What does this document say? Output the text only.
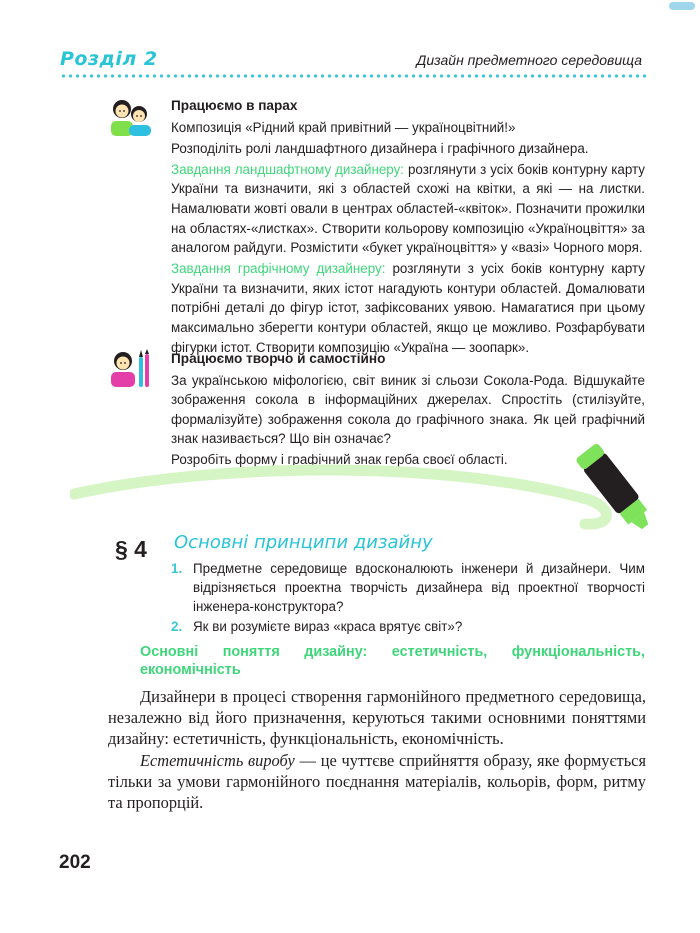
Розділ 2	Дизайн предметного середовища

Працюємо в парах

Композиція «Рідний край привітний — україноцвітний!»

Розподіліть ролі ландшафтного дизайнера і графічного дизайнера.

Завдання ландшафтному дизайнеру: розглянути з усіх боків контурну карту України та визначити, які з областей схожі на квітки, а які — на листки. Намалювати жовті овали в центрах областей-«квіток». Позначити прожилки на областях-«листках». Створити кольорову композицію «Україноцвіття» за аналогом райдуги. Розмістити «букет україноцвіття» у «вазі» Чорного моря.

Завдання графічному дизайнеру: розглянути з усіх боків контурну карту України та визначити, яких істот нагадують контури областей. Домалювати потрібні деталі до фігур істот, зафіксованих уявою. Намагатися при цьому максимально зберегти контури областей, якщо це можливо. Розфарбувати фігурки істот. Створити композицію «Україна — зоопарк».

Працюємо творчо й самостійно

За українською міфологією, світ виник зі сльози Сокола-Рода. Відшукайте зображення сокола в інформаційних джерелах. Спростіть (стилізуйте, формалізуйте) зображення сокола до графічного знака. Як цей графічний знак називається? Що він означає?

Розробіть форму і графічний знак герба своєї області.

§ 4 Основні принципи дизайну
1. Предметне середовище вдосконалюють інженери й дизайнери. Чим відрізняється проектна творчість дизайнера від проектної творчості інженера-конструктора?
2. Як ви розумієте вираз «краса врятує світ»?
Основні поняття дизайну: естетичність, функціональність, економічність

Дизайнери в процесі створення гармонійного предметного середовища, незалежно від його призначення, керуються такими основними поняттями дизайну: естетичність, функціональність, економічність.

Естетичність виробу — це чуттєве сприйняття образу, яке формується тільки за умови гармонійного поєднання матеріалів, кольорів, форм, ритму та пропорцій.

202
